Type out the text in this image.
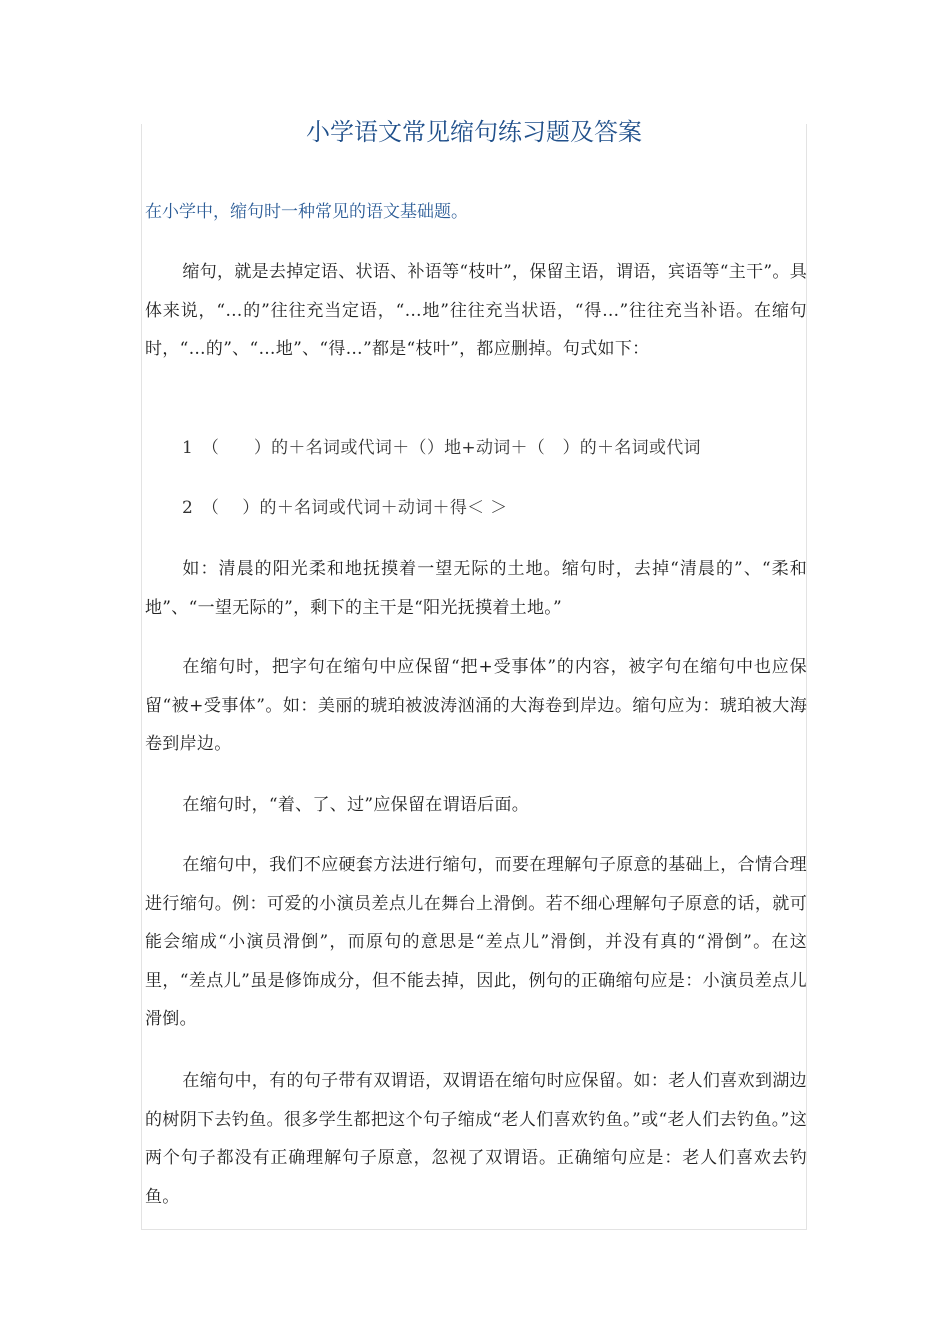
小学语文常见缩句练习题及答案

在小学中，缩句时一种常见的语文基础题。

缩句，就是去掉定语、状语、补语等“枝叶”，保留主语，谓语，宾语等“主干”。具体来说，“…的”往往充当定语，“…地”往往充当状语，“得…”往往充当补语。在缩句时，“…的”、“…地”、“得…”都是“枝叶”，都应删掉。句式如下：

1　（　　）的＋名词或代词＋（）地+动词＋（　）的＋名词或代词

2　（　 ）的＋名词或代词＋动词＋得＜ ＞

如：清晨的阳光柔和地抚摸着一望无际的土地。缩句时，去掉“清晨的”、“柔和地”、“一望无际的”，剩下的主干是“阳光抚摸着土地。”

在缩句时，把字句在缩句中应保留“把+受事体”的内容，被字句在缩句中也应保留“被+受事体”。如：美丽的琥珀被波涛汹涌的大海卷到岸边。缩句应为：琥珀被大海卷到岸边。

在缩句时，“着、了、过”应保留在谓语后面。

在缩句中，我们不应硬套方法进行缩句，而要在理解句子原意的基础上，合情合理进行缩句。例：可爱的小演员差点儿在舞台上滑倒。若不细心理解句子原意的话，就可能会缩成“小演员滑倒”，而原句的意思是“差点儿”滑倒，并没有真的“滑倒”。在这里，“差点儿”虽是修饰成分，但不能去掉，因此，例句的正确缩句应是：小演员差点儿滑倒。

在缩句中，有的句子带有双谓语，双谓语在缩句时应保留。如：老人们喜欢到湖边的树阴下去钓鱼。很多学生都把这个句子缩成“老人们喜欢钓鱼。”或“老人们去钓鱼。”这两个句子都没有正确理解句子原意，忽视了双谓语。正确缩句应是：老人们喜欢去钓鱼。
